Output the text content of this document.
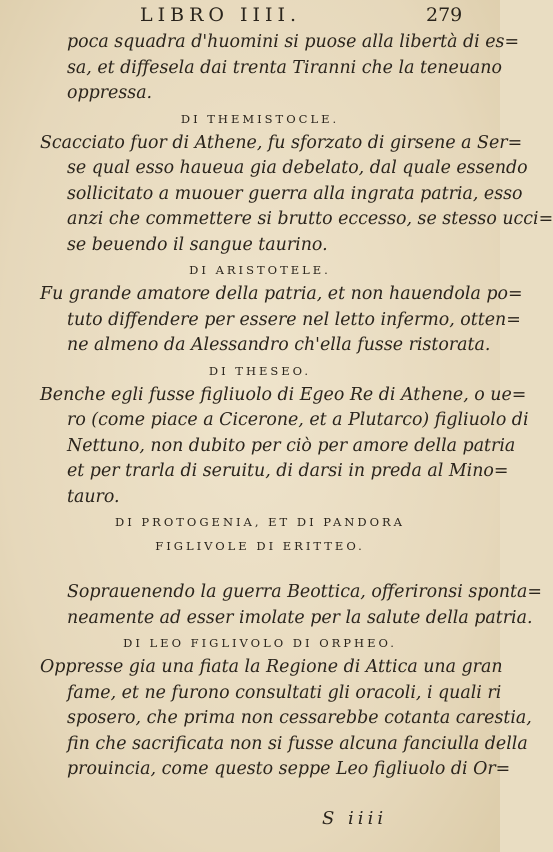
LIBRO IIII.	279
poca squadra d'huomini si puose alla libertà di es=
sa, et diffesela dai trenta Tiranni che la teneuano
oppressa.
DI THEMISTOCLE.
Scacciato fuor di Athene, fu sforzato di girsene a Ser=
se qual esso haueua gia debelato, dal quale essendo
sollicitato a muouer guerra alla ingrata patria, esso
anzi che commettere si brutto eccesso, se stesso ucci=
se beuendo il sangue taurino.
DI ARISTOTELE.
Fu grande amatore della patria, et non hauendola po=
tuto diffendere per essere nel letto infermo, otten=
ne almeno da Alessandro ch'ella fusse ristorata.
DI THESEO.
Benche egli fusse figliuolo di Egeo Re di Athene, o ue=
ro (come piace a Cicerone, et a Plutarco) figliuolo di
Nettuno, non dubito per ciò per amore della patria
et per trarla di seruitu, di darsi in preda al Mino=
tauro.
DI PROTOGENIA, ET DI PANDORA
FIGLIVOLE DI ERITTEO.
Soprauenendo la guerra Beottica, offerironsi sponta=
neamente ad esser imolate per la salute della patria.
DI LEO FIGLIVOLO DI ORPHEO.
Oppresse gia una fiata la Regione di Attica una gran
fame, et ne furono consultati gli oracoli, i quali ri
sposero, che prima non cessarebbe cotanta carestia,
fin che sacrificata non si fusse alcuna fanciulla della
prouincia, come questo seppe Leo figliuolo di Or=
S iiii
